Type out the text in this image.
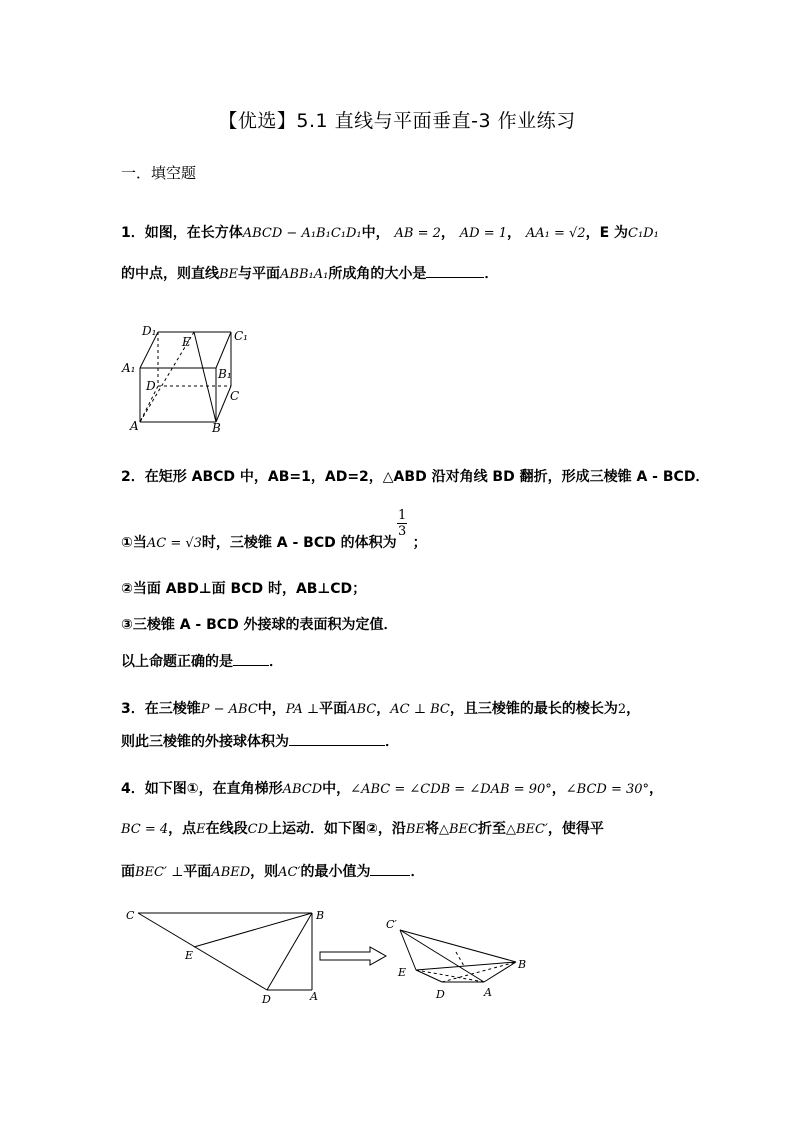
【优选】5.1 直线与平面垂直-3 作业练习
一．填空题
1．如图，在长方体ABCD − A₁B₁C₁D₁中， AB = 2， AD = 1， AA₁ = √2，E 为C₁D₁
的中点，则直线BE与平面ABB₁A₁所成角的大小是	．
D₁
E	C₁
A₁
D
B₁
C
A	B
2．在矩形 ABCD 中，AB=1，AD=2，△ABD 沿对角线 BD 翻折，形成三棱锥 A - BCD．
①当AC = √3时，三棱锥 A - BCD 的体积为 ；
$\frac{1}{3}$
②当面 ABD⊥面 BCD 时，AB⊥CD；
③三棱锥 A - BCD 外接球的表面积为定值．
以上命题正确的是	．
3．在三棱锥P − ABC中，PA ⊥平面ABC，AC ⊥ BC，且三棱锥的最长的棱长为2，
则此三棱锥的外接球体积为	．
4．如下图①，在直角梯形ABCD中，∠ABC = ∠CDB = ∠DAB = 90°，∠BCD = 30°，
BC = 4，点E在线段CD上运动．如下图②，沿BE将△BEC折至△BEC′，使得平
面BEC′ ⊥平面ABED，则AC′的最小值为	．
C	B
E
D	A
C′
E
B
D	A
